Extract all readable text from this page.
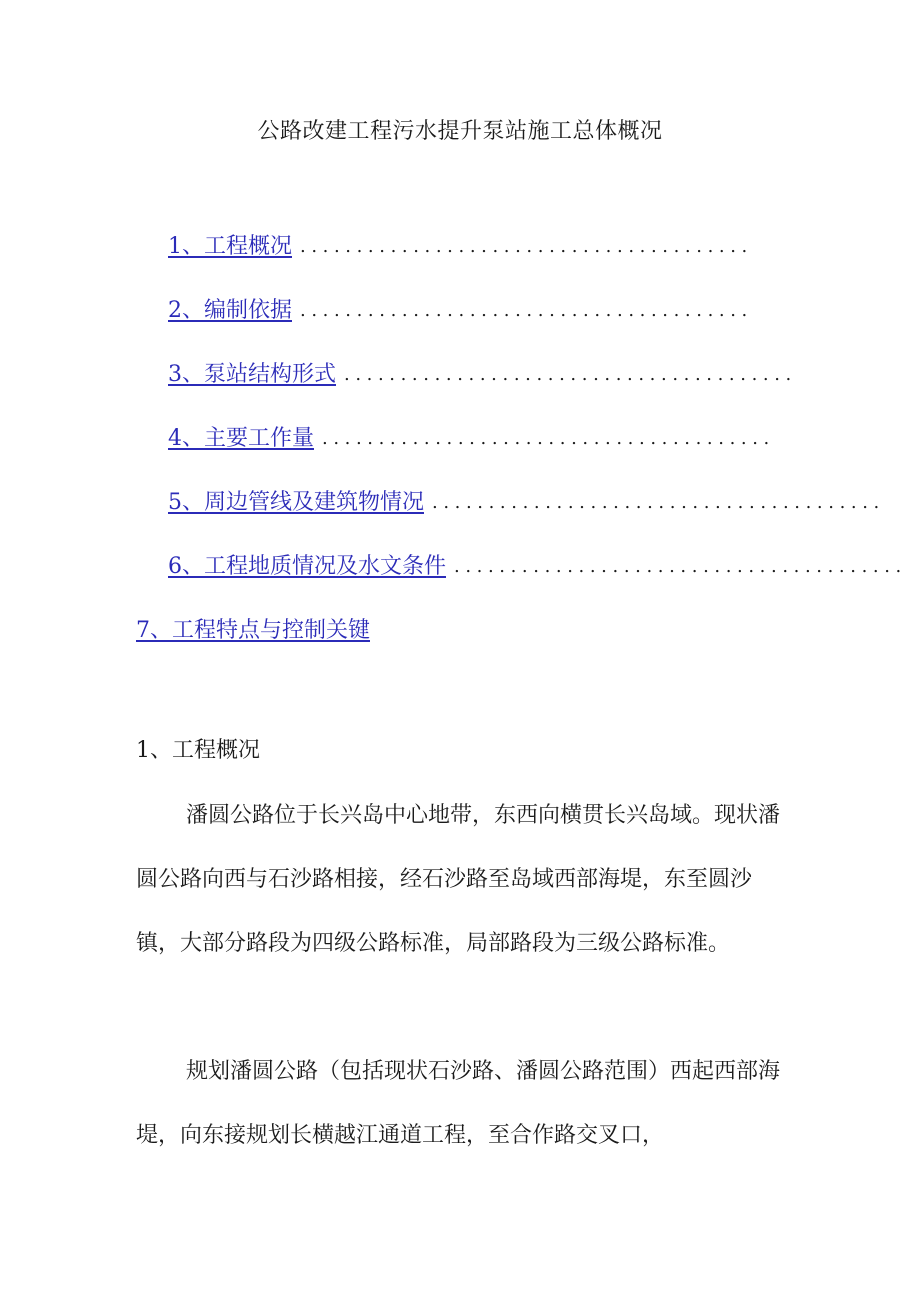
公路改建工程污水提升泵站施工总体概况
1、工程概况 ........................................
2、编制依据 ........................................
3、泵站结构形式 ........................................
4、主要工作量 ........................................
5、周边管线及建筑物情况 ........................................
6、工程地质情况及水文条件 ........................................
7、工程特点与控制关键
1、工程概况

潘圆公路位于长兴岛中心地带，东西向横贯长兴岛域。现状潘圆公路向西与石沙路相接，经石沙路至岛域西部海堤，东至圆沙镇，大部分路段为四级公路标准，局部路段为三级公路标准。

规划潘圆公路（包括现状石沙路、潘圆公路范围）西起西部海堤，向东接规划长横越江通道工程，至合作路交叉口，
